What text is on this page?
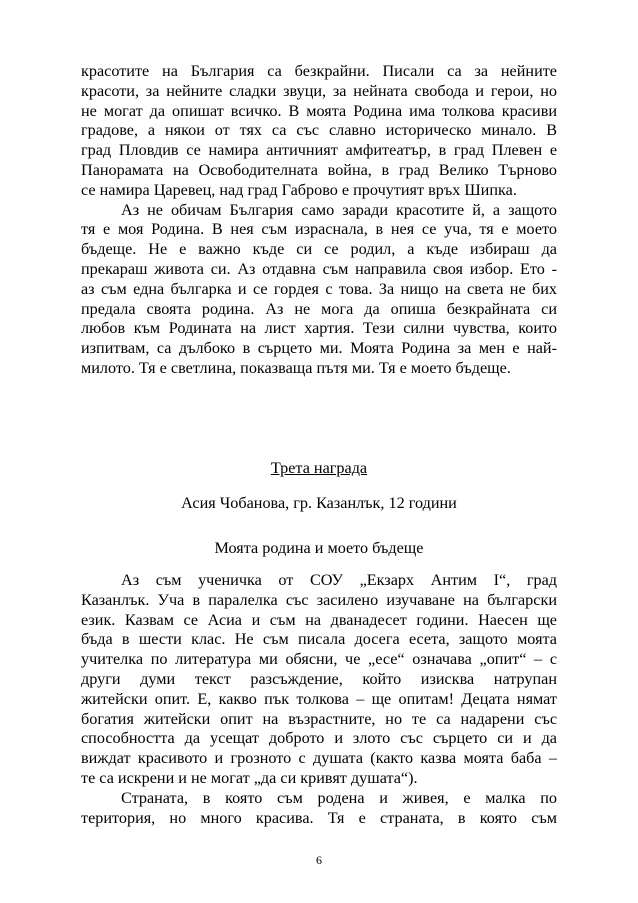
красотите на България са безкрайни. Писали са за нейните
красоти, за нейните сладки звуци, за нейната свобода и герои, но
не могат да опишат всичко. В моята Родина има толкова красиви
градове, а някои от тях са със славно историческо минало. В
град Пловдив се намира античният амфитеатър, в град Плевен е
Панорамата на Освободителната война, в град Велико Търново
се намира Царевец, над град Габрово е прочутият връх Шипка.
Аз не обичам България само заради красотите й, а защото
тя е моя Родина. В нея съм израснала, в нея се уча, тя е моето
бъдеще. Не е важно къде си се родил, а къде избираш да
прекараш живота си. Аз отдавна съм направила своя избор. Ето -
аз съм една българка и се гордея с това. За нищо на света не бих
предала своята родина. Аз не мога да опиша безкрайната си
любов към Родината на лист хартия. Тези силни чувства, които
изпитвам, са дълбоко в сърцето ми. Моята Родина за мен е най-
милото. Тя е светлина, показваща пътя ми. Тя е моето бъдеще.
Трета награда
Асия Чобанова, гр. Казанлък, 12 години
Моята родина и моето бъдеще
Аз съм ученичка от СОУ „Екзарх Антим I“, град
Казанлък. Уча в паралелка със засилено изучаване на български
език. Казвам се Асиа и съм на дванадесет години. Наесен ще
бъда в шести клас. Не съм писала досега есета, защото моята
учителка по литература ми обясни, че „есе“ означава „опит“ – с
други думи текст разсъждение, който изисква натрупан
житейски опит. Е, какво пък толкова – ще опитам! Децата нямат
богатия житейски опит на възрастните, но те са надарени със
способността да усещат доброто и злото със сърцето си и да
виждат красивото и грозното с душата (както казва моята баба –
те са искрени и не могат „да си кривят душата“).
Страната, в която съм родена и живея, е малка по
територия, но много красива. Тя е страната, в която съм
6
